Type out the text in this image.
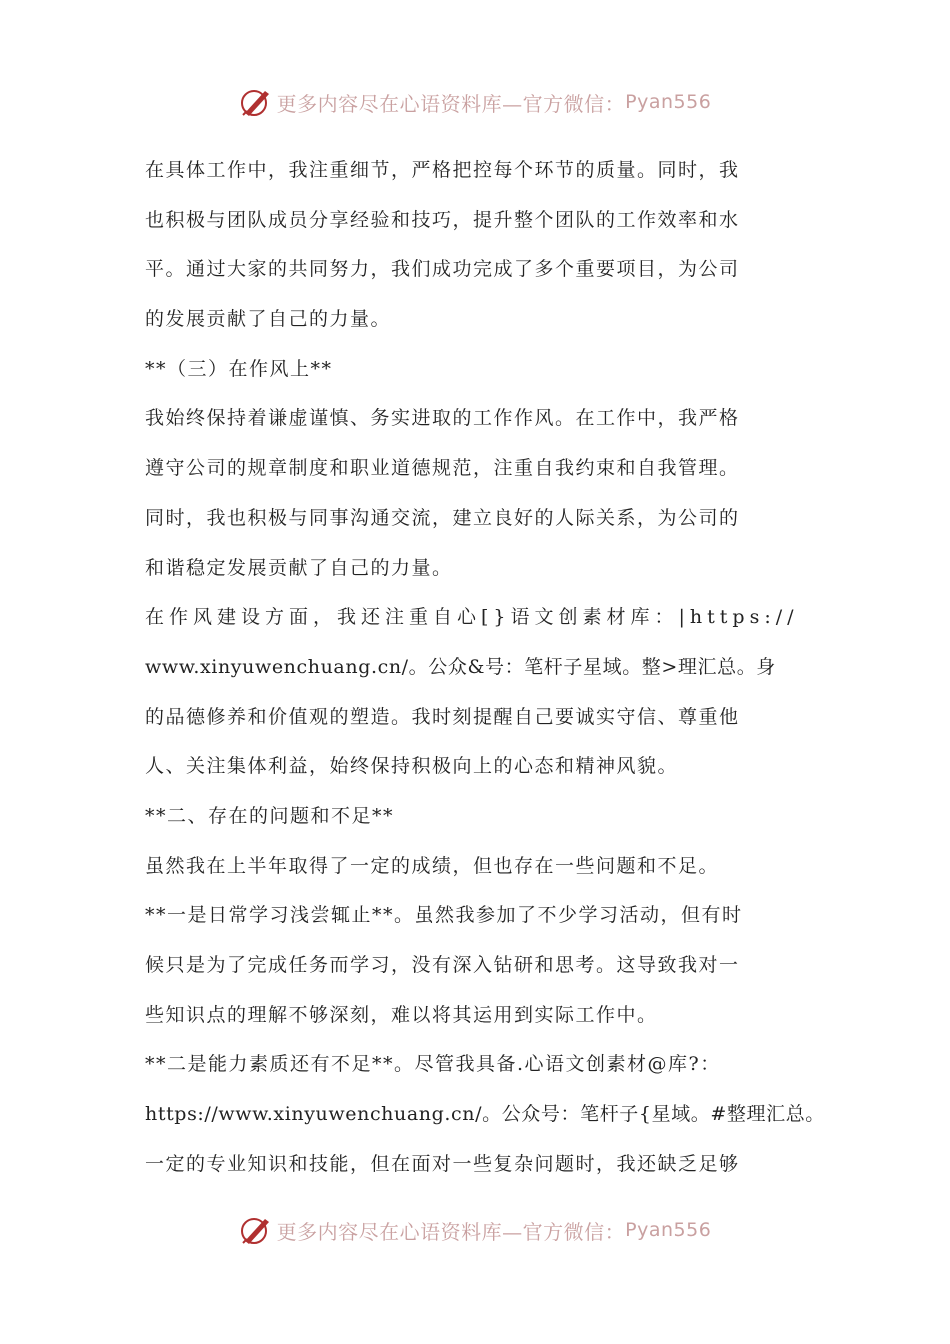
更多内容尽在心语资料库—官方微信： Pyan556
在具体工作中，我注重细节，严格把控每个环节的质量。同时，我
也积极与团队成员分享经验和技巧，提升整个团队的工作效率和水
平。通过大家的共同努力，我们成功完成了多个重要项目，为公司
的发展贡献了自己的力量。
**（三）在作风上**
我始终保持着谦虚谨慎、务实进取的工作作风。在工作中，我严格
遵守公司的规章制度和职业道德规范，注重自我约束和自我管理。
同时，我也积极与同事沟通交流，建立良好的人际关系，为公司的
和谐稳定发展贡献了自己的力量。
在作风建设方面，我还注重自心[}语文创素材库：|https://
www.xinyuwenchuang.cn/。公众&号：笔杆子星域。整>理汇总。身
的品德修养和价值观的塑造。我时刻提醒自己要诚实守信、尊重他
人、关注集体利益，始终保持积极向上的心态和精神风貌。
**二、存在的问题和不足**
虽然我在上半年取得了一定的成绩，但也存在一些问题和不足。
**一是日常学习浅尝辄止**。虽然我参加了不少学习活动，但有时
候只是为了完成任务而学习，没有深入钻研和思考。这导致我对一
些知识点的理解不够深刻，难以将其运用到实际工作中。
**二是能力素质还有不足**。尽管我具备.心语文创素材@库?：
https://www.xinyuwenchuang.cn/。公众号：笔杆子{星域。#整理汇总。
一定的专业知识和技能，但在面对一些复杂问题时，我还缺乏足够
更多内容尽在心语资料库—官方微信： Pyan556
